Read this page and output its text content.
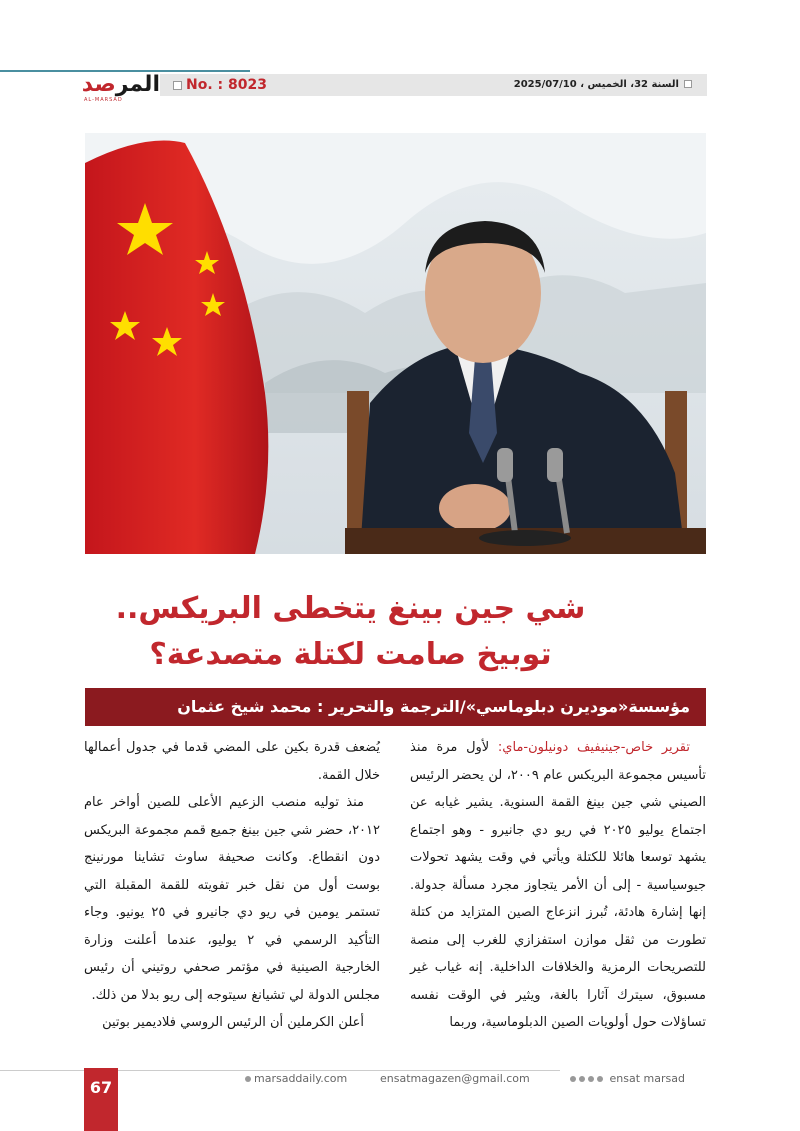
No. : 8023	السنة 32، الخميس ، 2025/07/10
المرصد
AL-MARSAD
شي جين بينغ يتخطى البريكس..
توبيخ صامت لكتلة متصدعة؟
مؤسسة«موديرن دبلوماسي»/الترجمة والتحرير : محمد شيخ عثمان

تقرير خاص-جينيفيف دونيلون-ماي: لأول مرة منذ تأسيس مجموعة البريكس عام ٢٠٠٩، لن يحضر الرئيس الصيني شي جين بينغ القمة السنوية. يشير غيابه عن اجتماع يوليو ٢٠٢٥ في ريو دي جانيرو - وهو اجتماع يشهد توسعا هائلا للكتلة ويأتي في وقت يشهد تحولات جيوسياسية - إلى أن الأمر يتجاوز مجرد مسألة جدولة. إنها إشارة هادئة، تُبرز انزعاج الصين المتزايد من كتلة تطورت من ثقل موازن استفزازي للغرب إلى منصة للتصريحات الرمزية والخلافات الداخلية. إنه غياب غير مسبوق، سيترك آثارا بالغة، ويثير في الوقت نفسه تساؤلات حول أولويات الصين الدبلوماسية، وربما

يُضعف قدرة بكين على المضي قدما في جدول أعمالها خلال القمة.

منذ توليه منصب الزعيم الأعلى للصين أواخر عام ٢٠١٢، حضر شي جين بينغ جميع قمم مجموعة البريكس دون انقطاع. وكانت صحيفة ساوث تشاينا مورنينج بوست أول من نقل خبر تفويته للقمة المقبلة التي تستمر يومين في ريو دي جانيرو في ٢٥ يونيو. وجاء التأكيد الرسمي في ٢ يوليو، عندما أعلنت وزارة الخارجية الصينية في مؤتمر صحفي روتيني أن رئيس مجلس الدولة لي تشيانغ سيتوجه إلى ريو بدلا من ذلك.

أعلن الكرملين أن الرئيس الروسي فلاديمير بوتين

67	marsaddaily.com	ensatmagazen@gmail.com	ensat marsad
